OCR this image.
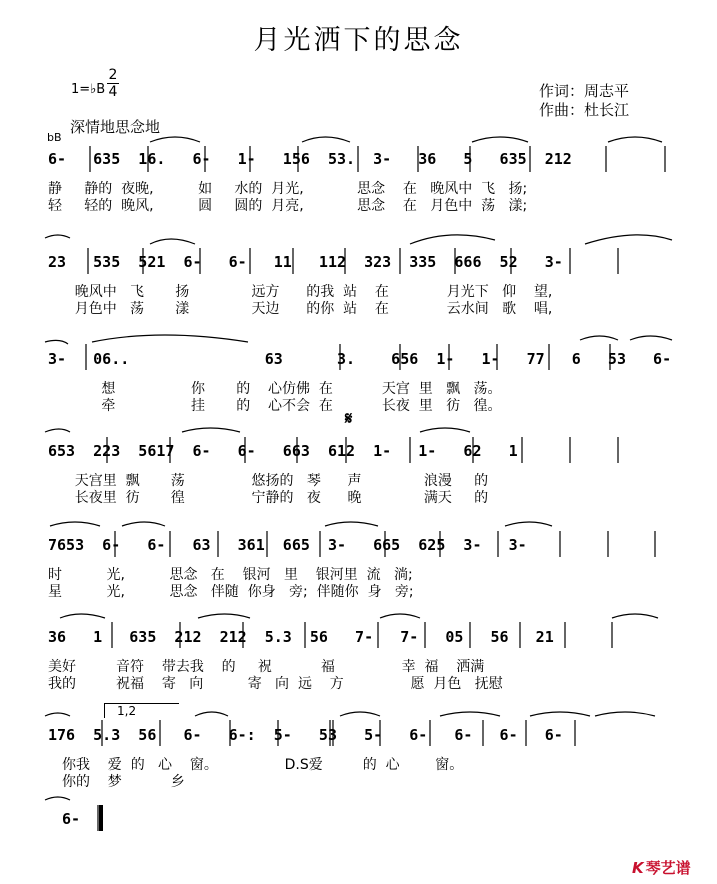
月光洒下的思念
1=♭B
2
4	作词：周志平
作曲：杜长江
深情地思念地
bB
6-   635  16.   6-   1-   156  53.  3-   36   5   635  212
静     静的  夜晚,          如     水的  月光,            思念    在   晚风中  飞   扬;
轻     轻的  晚风,          圆     圆的  月亮,            思念    在   月色中  荡   漾;
23   535  521  6-   6-   11   112  323  335  666  52   3-
晚风中   飞       扬              远方      的我  站    在             月光下   仰    望,
月色中   荡       漾              天边      的你  站    在             云水间   歌    唱,
3-   06..               63      3.    656  1-   1-   77   6   53   6-
想                 你       的    心仿佛  在           天宫  里   飘   荡。
牵                 挂       的    心不会  在           长夜  里   彷   徨。
𝄋
653  223  5617  6-   6-   663  612  1-   1-   62   1
天宫里  飘       荡               悠扬的   琴      声              浪漫     的
长夜里  彷       徨               宁静的   夜      晚              满天     的
7653  6-   6-   63   361  665  3-   665  625  3-   3-
时          光,          思念   在    银河   里    银河里  流   淌;
星          光,          思念   伴随  你身   旁;  伴随你  身   旁;
36   1   635  212  212  5.3  56   7-   7-   05   56   21
美好         音符    带去我    的     祝           福               幸  福    洒满
我的         祝福    寄   向          寄   向  远    方               愿  月色   抚慰
1,2
176  5.3  56   6-   6-:  5-   53   5-   6-   6-   6-   6-
你我    爱  的   心    窗。               D.S爱         的  心        窗。
你的    梦           乡
6-
K 琴艺谱
